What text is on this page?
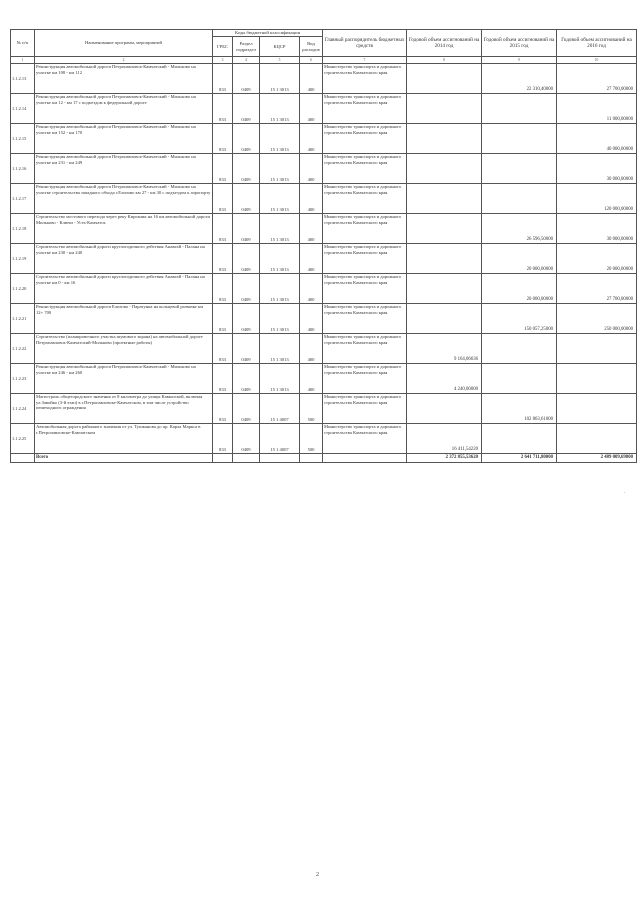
№ п/п	Наименование программ, мероприятий	Коды бюджетной классификации				Главный распорядитель бюджетных средств	Годовой объем ассигнований на 2014 год	Годовой объем ассигнований на 2015 год	Годовой объем ассигнований на 2016 год
		ГРБС	Раздел подраздел	КЦСР	Вид расходов				
1	2	3	4	5	6	7	8	9	10
1.1.2.13	Реконструкция автомобильной дороги Петропавловск-Камчатский - Мильково на участке км 108 - км 112	833	0409	15 1 3013	400	Министерство транспорта и дорожного строительства Камчатского края		22 310,40000	27 700,00000
1.1.2.14	Реконструкция автомобильной дороги Петропавловск-Камчатский - Мильково на участке км 12 - км 17 с подъездом к федеральной дороге	833	0409	15 1 3013	400	Министерство транспорта и дорожного строительства Камчатского края			11 000,00000
1.1.2.15	Реконструкция автомобильной дороги Петропавловск-Камчатский - Мильково на участке км 152 - км 170	833	0409	15 1 3013	400	Министерство транспорта и дорожного строительства Камчатского края			40 000,00000
1.1.2.16	Реконструкция автомобильной дороги Петропавловск-Камчатский - Мильково на участке км 231 - км 249	833	0409	15 1 3013	400	Министерство транспорта и дорожного строительства Камчатского края			30 000,00000
1.1.2.17	Реконструкция автомобильной дороги Петропавловск-Камчатский - Мильково на участке строительства западного обхода г.Елизово км 27 - км 30 с подъездом к аэропорту	833	0409	15 1 3013	400	Министерство транспорта и дорожного строительства Камчатского края			120 000,00000
1.1.2.18	Строительство мостового перехода через реку Кирганик на 16 км автомобильной дороги Мильково - Ключи - Усть-Камчатск	833	0409	15 1 3013	400	Министерство транспорта и дорожного строительства Камчатского края		26 596,50000	30 000,00000
1.1.2.19	Строительство автомобильной дороги круглогодичного действия Анавгай - Палана на участке км 230 - км 240	833	0409	15 1 3013	400	Министерство транспорта и дорожного строительства Камчатского края		20 000,00000	20 000,00000
1.1.2.20	Строительство автомобильной дороги круглогодичного действия Анавгай - Палана на участке км 0 - км 16	833	0409	15 1 3013	400	Министерство транспорта и дорожного строительства Камчатского края		20 000,00000	27 700,00000
1.1.2.21	Реконструкция автомобильной дороги Елизово - Паратунка на кольцевой развязке км 12+ 700	833	0409	15 1 3013	400	Министерство транспорта и дорожного строительства Камчатского края		150 057,25000	250 000,00000
1.1.2.22	Строительство (планировочного участка шумового экрана) на автомобильной дороге Петропавловск-Камчатский-Мильково (проектные работы)	833	0409	15 1 3013	400	Министерство транспорта и дорожного строительства Камчатского края	9 164,06636		
1.1.2.23	Реконструкция автомобильной дороги Петропавловск-Камчатский - Мильково на участке км 246 - км 260	833	0409	15 1 3013	400	Министерство транспорта и дорожного строительства Камчатского края	4 240,00000		
1.1.2.24	Магистраль общегородского значения от 8 километра до улицы Кавказской, включая ул.Завойко (3-й этап) в г.Петропавловске-Камчатском, в том числе устройство пешеходного ограждения	833	0409	15 1 4007	500	Министерство транспорта и дорожного строительства Камчатского края		102 863,61000	
1.1.2.25	Автомобильная дорога районного значения от ул. Тушканова до пр. Карла Маркса в г.Петропавловске-Камчатском	833	0409	15 1 4007	500	Министерство транспорта и дорожного строительства Камчатского края	16 411,54220		
	Всего						2 372 855,53620	2 641 711,80000	2 489 009,69800
'
2
